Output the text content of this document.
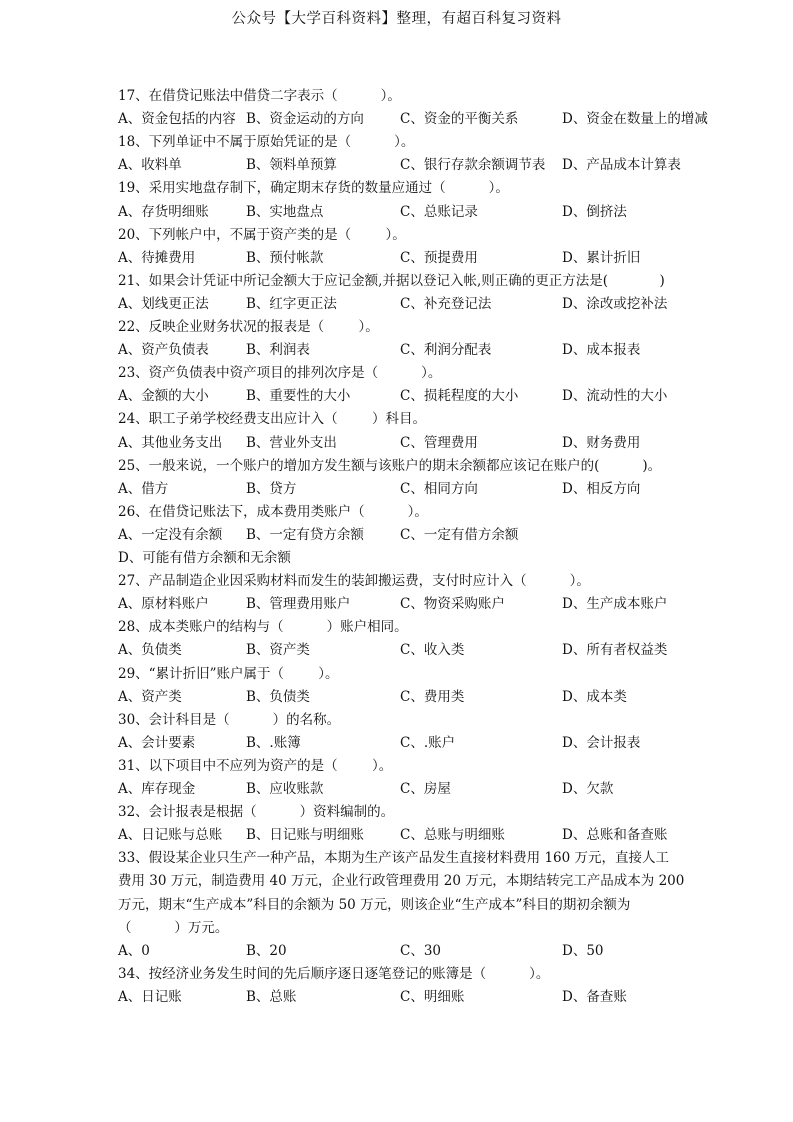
公众号【大学百科资料】整理，有超百科复习资料
17、在借贷记账法中借贷二字表示（          ）。
A、资金包括的内容 B、资金运动的方向	C、资金的平衡关系	D、资金在数量上的增减
18、下列单证中不属于原始凭证的是（          ）。
A、收料单	B、领料单预算	C、银行存款余额调节表 D、产品成本计算表
19、采用实地盘存制下，确定期末存货的数量应通过（          ）。
A、存货明细账	B、实地盘点	C、总账记录	D、倒挤法
20、下列帐户中，不属于资产类的是（        ）。
A、待摊费用	B、预付帐款	C、预提费用	D、累计折旧
21、如果会计凭证中所记金额大于应记金额,并据以登记入帐,则正确的更正方法是(            )
A、划线更正法	B、红字更正法	C、补充登记法	D、涂改或挖补法
22、反映企业财务状况的报表是（        ）。
A、资产负债表	B、利润表	C、利润分配表	D、成本报表
23、资产负债表中资产项目的排列次序是（          ）。
A、金额的大小	B、重要性的大小	C、损耗程度的大小	D、流动性的大小
24、职工子弟学校经费支出应计入（        ）科目。
A、其他业务支出 B、营业外支出	C、管理费用	D、财务费用
25、一般来说，一个账户的增加方发生额与该账户的期末余额都应该记在账户的(          )。
A、借方	B、贷方	C、相同方向	D、相反方向
26、在借贷记账法下，成本费用类账户（          ）。
A、一定没有余额 B、一定有贷方余额	C、一定有借方余额
D、可能有借方余额和无余额
27、产品制造企业因采购材料而发生的装卸搬运费，支付时应计入（          ）。
A、原材料账户	B、管理费用账户	C、物资采购账户	D、生产成本账户
28、成本类账户的结构与（          ）账户相同。
A、负债类	B、资产类	C、收入类	D、所有者权益类
29、“累计折旧”账户属于（        ）。
A、资产类	B、负债类	C、费用类	D、成本类
30、会计科目是（          ）的名称。
A、会计要素	B、.账簿	C、.账户	D、会计报表
31、以下项目中不应列为资产的是（        ）。
A、库存现金	B、应收账款	C、房屋	D、欠款
32、会计报表是根据（          ）资料编制的。
A、日记账与总账 B、日记账与明细账	C、总账与明细账	D、总账和备查账
33、假设某企业只生产一种产品，本期为生产该产品发生直接材料费用 160 万元，直接人工
费用 30 万元，制造费用 40 万元，企业行政管理费用 20 万元，本期结转完工产品成本为 200
万元，期末“生产成本”科目的余额为 50 万元，则该企业“生产成本”科目的期初余额为
（          ）万元。
A、0	B、20	C、30	D、50
34、按经济业务发生时间的先后顺序逐日逐笔登记的账簿是（          ）。
A、日记账	B、总账	C、明细账	D、备查账
